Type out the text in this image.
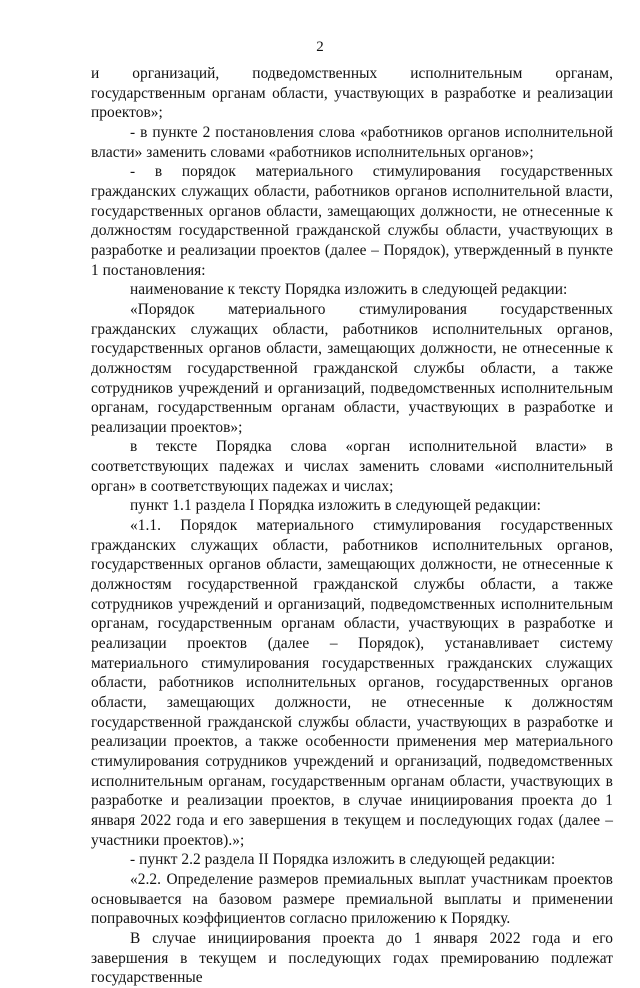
2

и организаций, подведомственных исполнительным органам, государственным органам области, участвующих в разработке и реализации проектов»;

- в пункте 2 постановления слова «работников органов исполнительной власти» заменить словами «работников исполнительных органов»;

- в порядок материального стимулирования государственных гражданских служащих области, работников органов исполнительной власти, государственных органов области, замещающих должности, не отнесенные к должностям государственной гражданской службы области, участвующих в разработке и реализации проектов (далее – Порядок), утвержденный в пункте 1 постановления:

наименование к тексту Порядка изложить в следующей редакции:

«Порядок материального стимулирования государственных гражданских служащих области, работников исполнительных органов, государственных органов области, замещающих должности, не отнесенные к должностям государственной гражданской службы области, а также сотрудников учреждений и организаций, подведомственных исполнительным органам, государственным органам области, участвующих в разработке и реализации проектов»;

в тексте Порядка слова «орган исполнительной власти» в соответствующих падежах и числах заменить словами «исполнительный орган» в соответствующих падежах и числах;

пункт 1.1 раздела I Порядка изложить в следующей редакции:

«1.1. Порядок материального стимулирования государственных гражданских служащих области, работников исполнительных органов, государственных органов области, замещающих должности, не отнесенные к должностям государственной гражданской службы области, а также сотрудников учреждений и организаций, подведомственных исполнительным органам, государственным органам области, участвующих в разработке и реализации проектов (далее – Порядок), устанавливает систему материального стимулирования государственных гражданских служащих области, работников исполнительных органов, государственных органов области, замещающих должности, не отнесенные к должностям государственной гражданской службы области, участвующих в разработке и реализации проектов, а также особенности применения мер материального стимулирования сотрудников учреждений и организаций, подведомственных исполнительным органам, государственным органам области, участвующих в разработке и реализации проектов, в случае инициирования проекта до 1 января 2022 года и его завершения в текущем и последующих годах (далее – участники проектов).»;

- пункт 2.2 раздела II Порядка изложить в следующей редакции:

«2.2. Определение размеров премиальных выплат участникам проектов основывается на базовом размере премиальной выплаты и применении поправочных коэффициентов согласно приложению к Порядку.

В случае инициирования проекта до 1 января 2022 года и его завершения в текущем и последующих годах премированию подлежат государственные
